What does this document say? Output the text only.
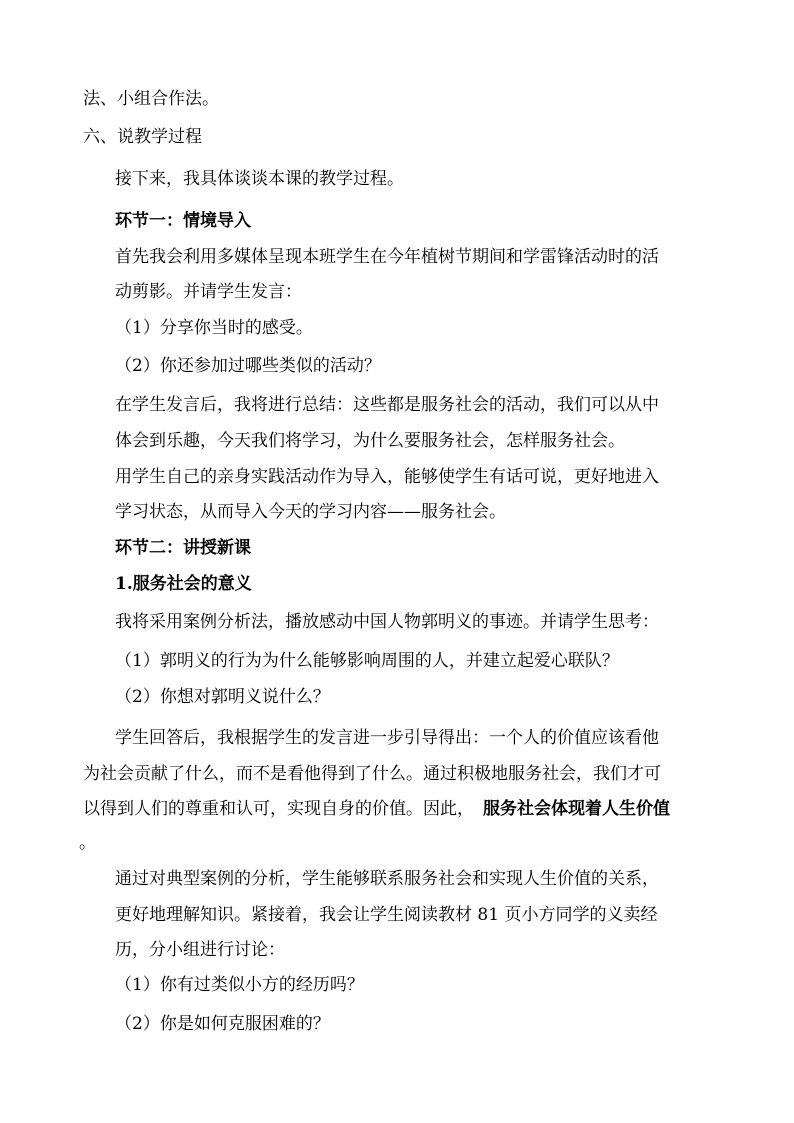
法、小组合作法。

六、说教学过程

接下来，我具体谈谈本课的教学过程。

环节一：情境导入

首先我会利用多媒体呈现本班学生在今年植树节期间和学雷锋活动时的活

动剪影。并请学生发言：

（1）分享你当时的感受。

（2）你还参加过哪些类似的活动？

在学生发言后，我将进行总结：这些都是服务社会的活动，我们可以从中

体会到乐趣，今天我们将学习，为什么要服务社会，怎样服务社会。

用学生自己的亲身实践活动作为导入，能够使学生有话可说，更好地进入

学习状态，从而导入今天的学习内容——服务社会。

环节二：讲授新课

1.服务社会的意义

我将采用案例分析法，播放感动中国人物郭明义的事迹。并请学生思考：

（1）郭明义的行为为什么能够影响周围的人，并建立起爱心联队？

（2）你想对郭明义说什么？

学生回答后，我根据学生的发言进一步引导得出：一个人的价值应该看他

为社会贡献了什么，而不是看他得到了什么。通过积极地服务社会，我们才可

以得到人们的尊重和认可，实现自身的价值。因此， 服务社会体现着人生价值

。

通过对典型案例的分析，学生能够联系服务社会和实现人生价值的关系，

更好地理解知识。紧接着，我会让学生阅读教材 81 页小方同学的义卖经

历，分小组进行讨论：

（1）你有过类似小方的经历吗？

（2）你是如何克服困难的？
